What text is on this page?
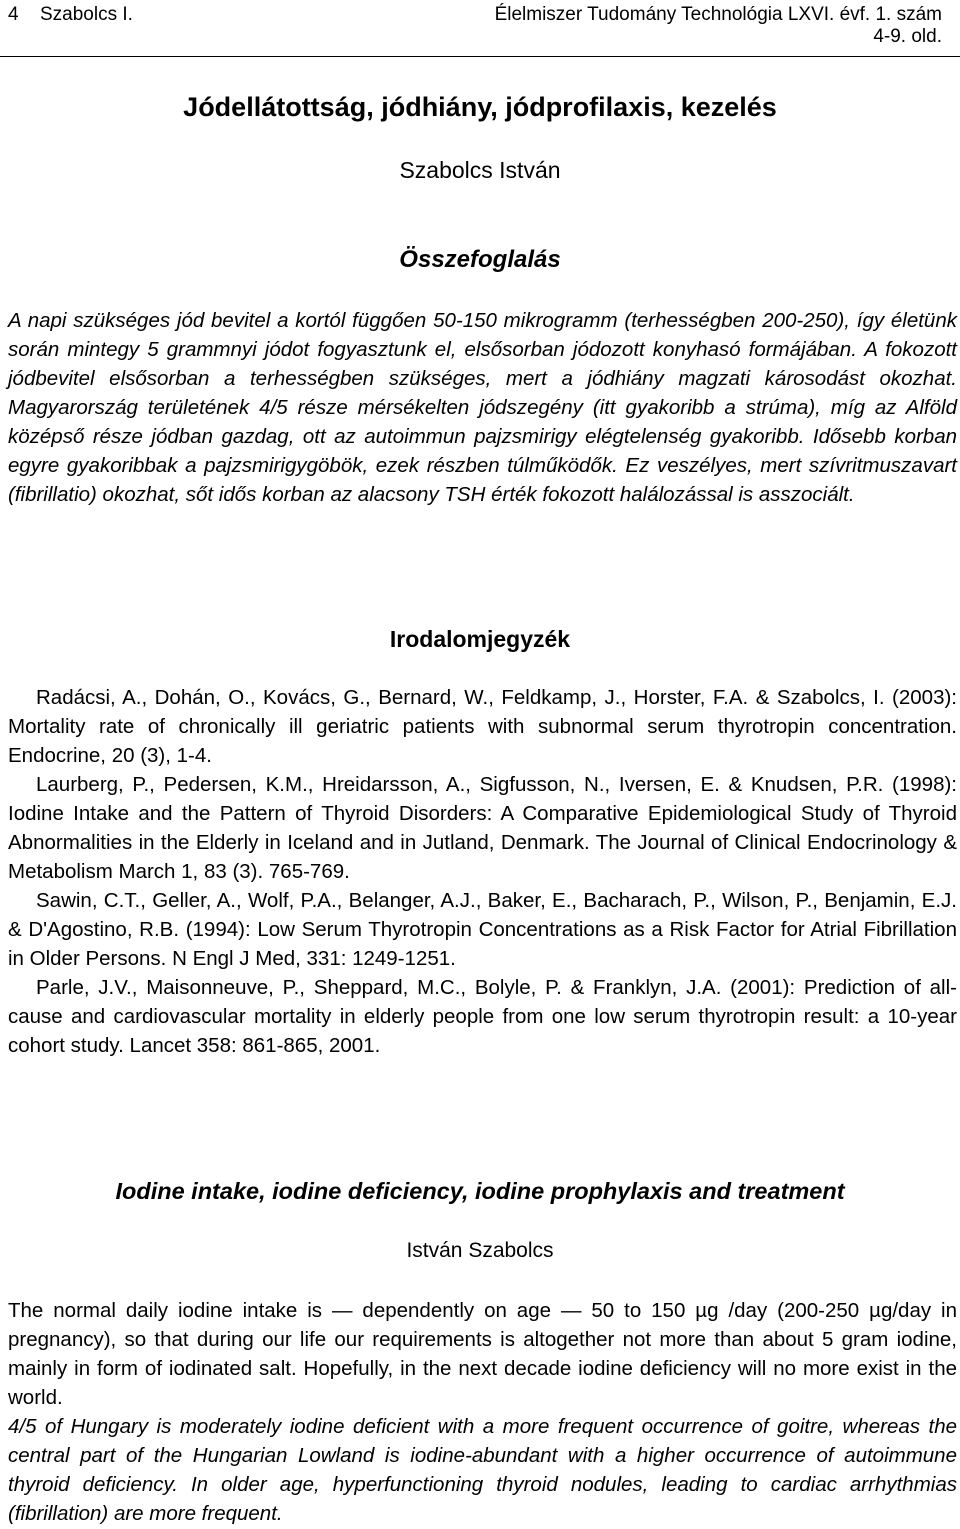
4 Szabolcs I.	Élelmiszer Tudomány Technológia LXVI. évf. 1. szám
4-9. old.
Jódellátottság, jódhiány, jódprofilaxis, kezelés
Szabolcs István
Összefoglalás

A napi szükséges jód bevitel a kortól függően 50-150 mikrogramm (terhességben 200-250), így életünk során mintegy 5 grammnyi jódot fogyasztunk el, elsősorban jódozott konyhasó formájában. A fokozott jódbevitel elsősorban a terhességben szükséges, mert a jódhiány magzati károsodást okozhat. Magyarország területének 4/5 része mérsékelten jódszegény (itt gyakoribb a strúma), míg az Alföld középső része jódban gazdag, ott az autoimmun pajzsmirigy elégtelenség gyakoribb. Idősebb korban egyre gyakoribbak a pajzsmirigygöbök, ezek részben túlműködők. Ez veszélyes, mert szívritmuszavart (fibrillatio) okozhat, sőt idős korban az alacsony TSH érték fokozott halálozással is asszociált.

Irodalomjegyzék
Radácsi, A., Dohán, O., Kovács, G., Bernard, W., Feldkamp, J., Horster, F.A. & Szabolcs, I. (2003): Mortality rate of chronically ill geriatric patients with subnormal serum thyrotropin concentration. Endocrine, 20 (3), 1-4.
Laurberg, P., Pedersen, K.M., Hreidarsson, A., Sigfusson, N., Iversen, E. & Knudsen, P.R. (1998): Iodine Intake and the Pattern of Thyroid Disorders: A Comparative Epidemiological Study of Thyroid Abnormalities in the Elderly in Iceland and in Jutland, Denmark. The Journal of Clinical Endocrinology & Metabolism March 1, 83 (3). 765-769.
Sawin, C.T., Geller, A., Wolf, P.A., Belanger, A.J., Baker, E., Bacharach, P., Wilson, P., Benjamin, E.J. & D'Agostino, R.B. (1994): Low Serum Thyrotropin Concentrations as a Risk Factor for Atrial Fibrillation in Older Persons. N Engl J Med, 331: 1249-1251.
Parle, J.V., Maisonneuve, P., Sheppard, M.C., Bolyle, P. & Franklyn, J.A. (2001): Prediction of all-cause and cardiovascular mortality in elderly people from one low serum thyrotropin result: a 10-year cohort study. Lancet 358: 861-865, 2001.
Iodine intake, iodine deficiency, iodine prophylaxis and treatment
István Szabolcs

The normal daily iodine intake is — dependently on age — 50 to 150 µg /day (200-250 µg/day in pregnancy), so that during our life our requirements is altogether not more than about 5 gram iodine, mainly in form of iodinated salt. Hopefully, in the next decade iodine deficiency will no more exist in the world.

4/5 of Hungary is moderately iodine deficient with a more frequent occurrence of goitre, whereas the central part of the Hungarian Lowland is iodine-abundant with a higher occurrence of autoimmune thyroid deficiency. In older age, hyperfunctioning thyroid nodules, leading to cardiac arrhythmias (fibrillation) are more frequent.
